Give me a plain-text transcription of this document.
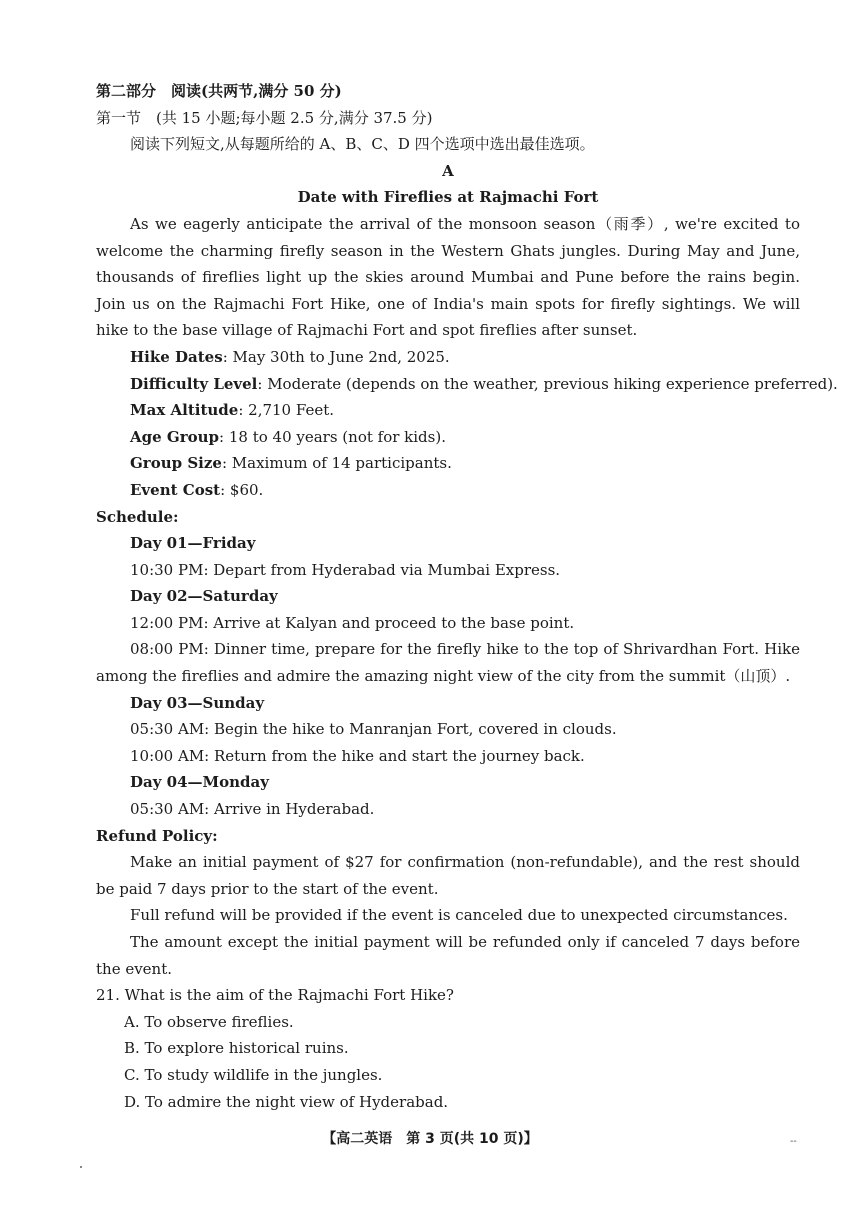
第二部分　阅读(共两节,满分 50 分)
第一节　(共 15 小题;每小题 2.5 分,满分 37.5 分)
阅读下列短文,从每题所给的 A、B、C、D 四个选项中选出最佳选项。
A
Date with Fireflies at Rajmachi Fort
As we eagerly anticipate the arrival of the monsoon season（雨季）, we're excited to welcome the charming firefly season in the Western Ghats jungles. During May and June, thousands of fireflies light up the skies around Mumbai and Pune before the rains begin. Join us on the Rajmachi Fort Hike, one of India's main spots for firefly sightings. We will hike to the base village of Rajmachi Fort and spot fireflies after sunset.
Hike Dates: May 30th to June 2nd, 2025.
Difficulty Level: Moderate (depends on the weather, previous hiking experience preferred).
Max Altitude: 2,710 Feet.
Age Group: 18 to 40 years (not for kids).
Group Size: Maximum of 14 participants.
Event Cost: $60.
Schedule:
Day 01—Friday
10:30 PM: Depart from Hyderabad via Mumbai Express.
Day 02—Saturday
12:00 PM: Arrive at Kalyan and proceed to the base point.
08:00 PM: Dinner time, prepare for the firefly hike to the top of Shrivardhan Fort. Hike among the fireflies and admire the amazing night view of the city from the summit（山顶）.
Day 03—Sunday
05:30 AM: Begin the hike to Manranjan Fort, covered in clouds.
10:00 AM: Return from the hike and start the journey back.
Day 04—Monday
05:30 AM: Arrive in Hyderabad.
Refund Policy:
Make an initial payment of $27 for confirmation (non-refundable), and the rest should be paid 7 days prior to the start of the event.
Full refund will be provided if the event is canceled due to unexpected circumstances.
The amount except the initial payment will be refunded only if canceled 7 days before the event.
21. What is the aim of the Rajmachi Fort Hike?
A. To observe fireflies.
B. To explore historical ruins.
C. To study wildlife in the jungles.
D. To admire the night view of Hyderabad.
【高二英语　第 3 页(共 10 页)】	--
